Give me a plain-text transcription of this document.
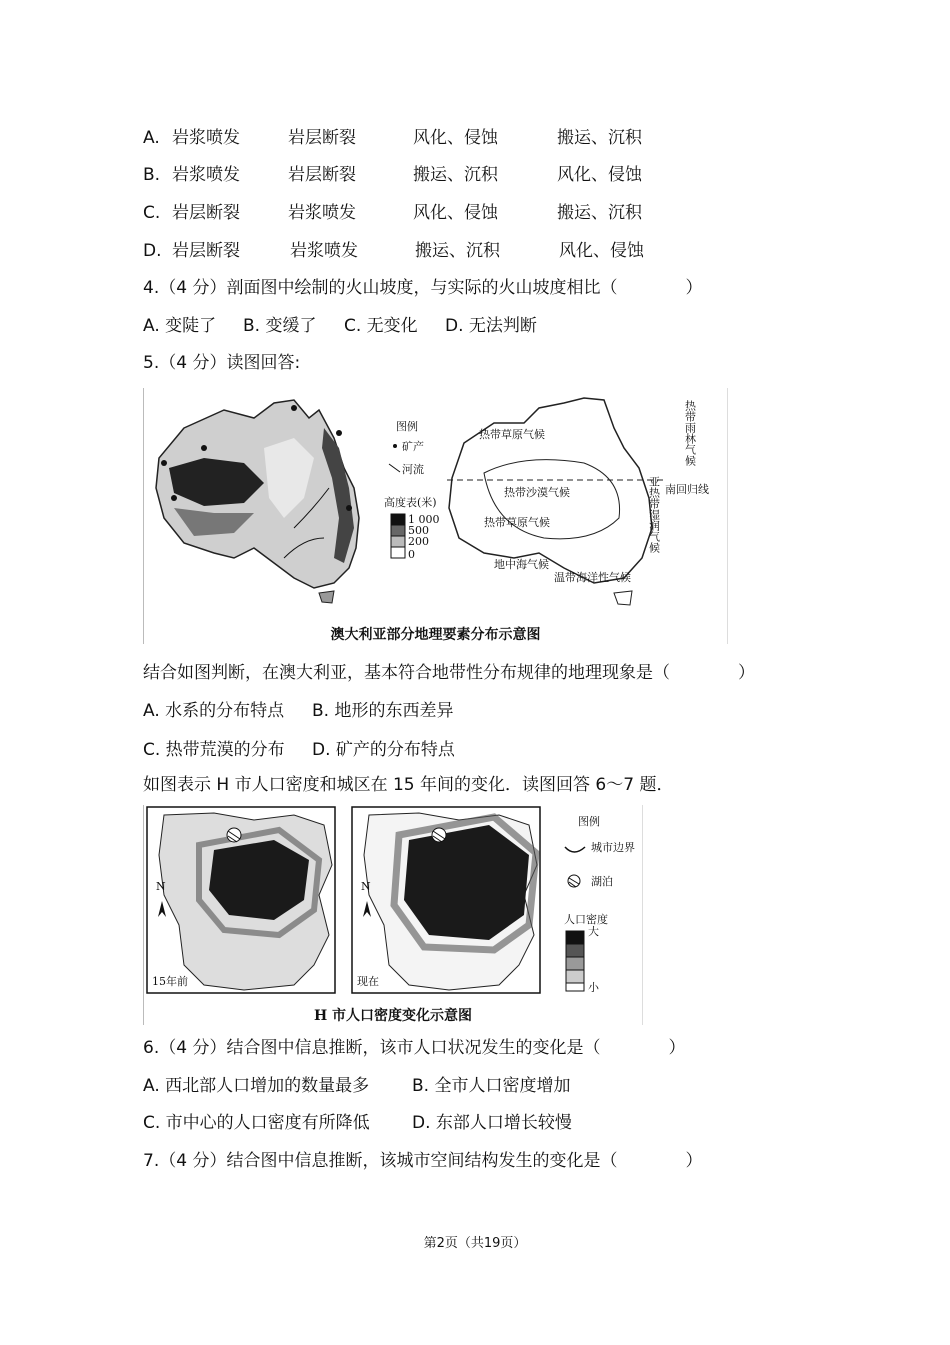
A. 岩浆喷发	岩层断裂	风化、侵蚀	搬运、沉积
B. 岩浆喷发	岩层断裂	搬运、沉积	风化、侵蚀
C. 岩层断裂	岩浆喷发	风化、侵蚀	搬运、沉积
D. 岩层断裂	岩浆喷发	搬运、沉积	风化、侵蚀
4.（4 分）剖面图中绘制的火山坡度，与实际的火山坡度相比（　　　　）
A. 变陡了 B. 变缓了 C. 无变化 D. 无法判断
5.（4 分）读图回答:
图例
矿产
河流
高度表(米)
1 000
500
200
0
热带草原气候
热带沙漠气候
热带草原气候
地中海气候
温带海洋性气候
南回归线
热带雨林气候
亚热带湿润气候
澳大利亚部分地理要素分布示意图
结合如图判断，在澳大利亚，基本符合地带性分布规律的地理现象是（　　　　）
A. 水系的分布特点 B. 地形的东西差异
C. 热带荒漠的分布 D. 矿产的分布特点
如图表示 H 市人口密度和城区在 15 年间的变化．读图回答 6～7 题．
N
15年前
N
现在
图例
城市边界
湖泊
人口密度
大
小
H 市人口密度变化示意图
6.（4 分）结合图中信息推断，该市人口状况发生的变化是（　　　　）
A. 西北部人口增加的数量最多	B. 全市人口密度增加
C. 市中心的人口密度有所降低 D. 东部人口增长较慢
7.（4 分）结合图中信息推断，该城市空间结构发生的变化是（　　　　）
第2页（共19页）
